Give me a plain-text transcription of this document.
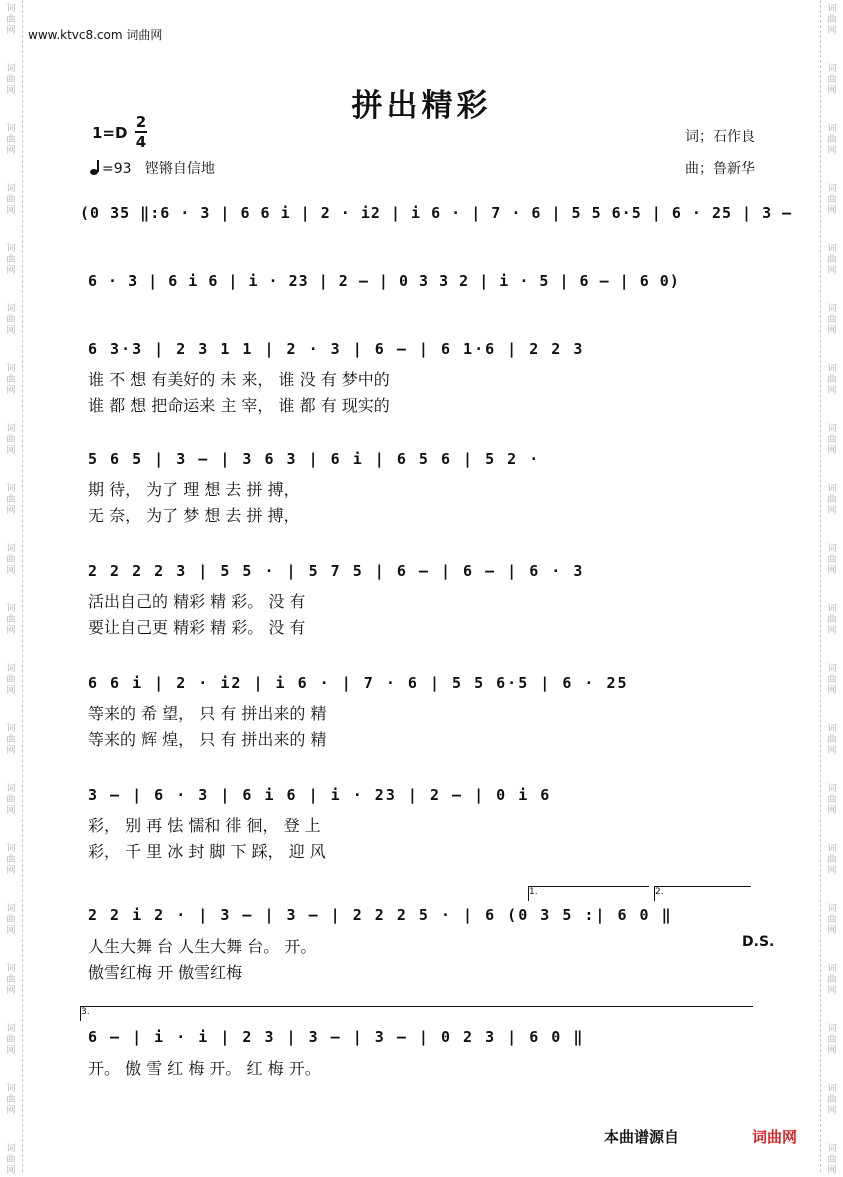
词
曲
网
词
曲
网
词
曲
网
词
曲
网
词
曲
网
词
曲
网
词
曲
网
词
曲
网
词
曲
网
词
曲
网
词
曲
网
词
曲
网
词
曲
网
词
曲
网
词
曲
网
词
曲
网
词
曲
网
词
曲
网
词
曲
网
词
曲
网
词
曲
网
词
曲
网
词
曲
网
词
曲
网
词
曲
网
词
曲
网
词
曲
网
词
曲
网
词
曲
网
词
曲
网
词
曲
网
词
曲
网
词
曲
网
词
曲
网
词
曲
网
词
曲
网
词
曲
网
词
曲
网
词
曲
网
词
曲
网
www.ktvc8.com 词曲网
拼出精彩
1=D
2
4
=93 铿锵自信地
词；石作良
曲；鲁新华
(0 35 ‖:6 · 3 | 6 6 i | 2 · i2 | i 6 · | 7 · 6 | 5 5 6·5 | 6 · 25 | 3 –
6 · 3 | 6 i 6 | i · 23 | 2 – | 0 3 3 2 | i · 5 | 6 – | 6 0)
6 3·3 | 2 3 1 1 | 2 · 3 | 6 – | 6 1·6 | 2 2 3
谁 不 想 有美好的 未 来， 谁 没 有 梦中的
谁 都 想 把命运来 主 宰， 谁 都 有 现实的
5 6 5 | 3 – | 3 6 3 | 6 i | 6 5 6 | 5 2 ·
期 待， 为了 理 想 去 拼 搏，
无 奈， 为了 梦 想 去 拼 搏，
2 2 2 2 3 | 5 5 · | 5 7 5 | 6 – | 6 – | 6 · 3
活出自己的 精彩 精 彩。 没 有
要让自己更 精彩 精 彩。 没 有
6 6 i | 2 · i2 | i 6 · | 7 · 6 | 5 5 6·5 | 6 · 25
等来的 希 望， 只 有 拼出来的 精
等来的 辉 煌， 只 有 拼出来的 精
3 – | 6 · 3 | 6 i 6 | i · 23 | 2 – | 0 i 6
彩， 别 再 怯 懦和 徘 徊， 登 上
彩， 千 里 冰 封 脚 下 踩， 迎 风
1.	2.
2 2 i 2 · | 3 – | 3 – | 2 2 2 5 · | 6 (0 3 5 :| 6 0 ‖
D.S.
人生大舞 台 人生大舞 台。 开。
傲雪红梅 开 傲雪红梅
3.
6 – | i · i | 2 3 | 3 – | 3 – | 0 2 3 | 6 0 ‖
开。 傲 雪 红 梅 开。 红 梅 开。
本曲谱源自	词曲网
